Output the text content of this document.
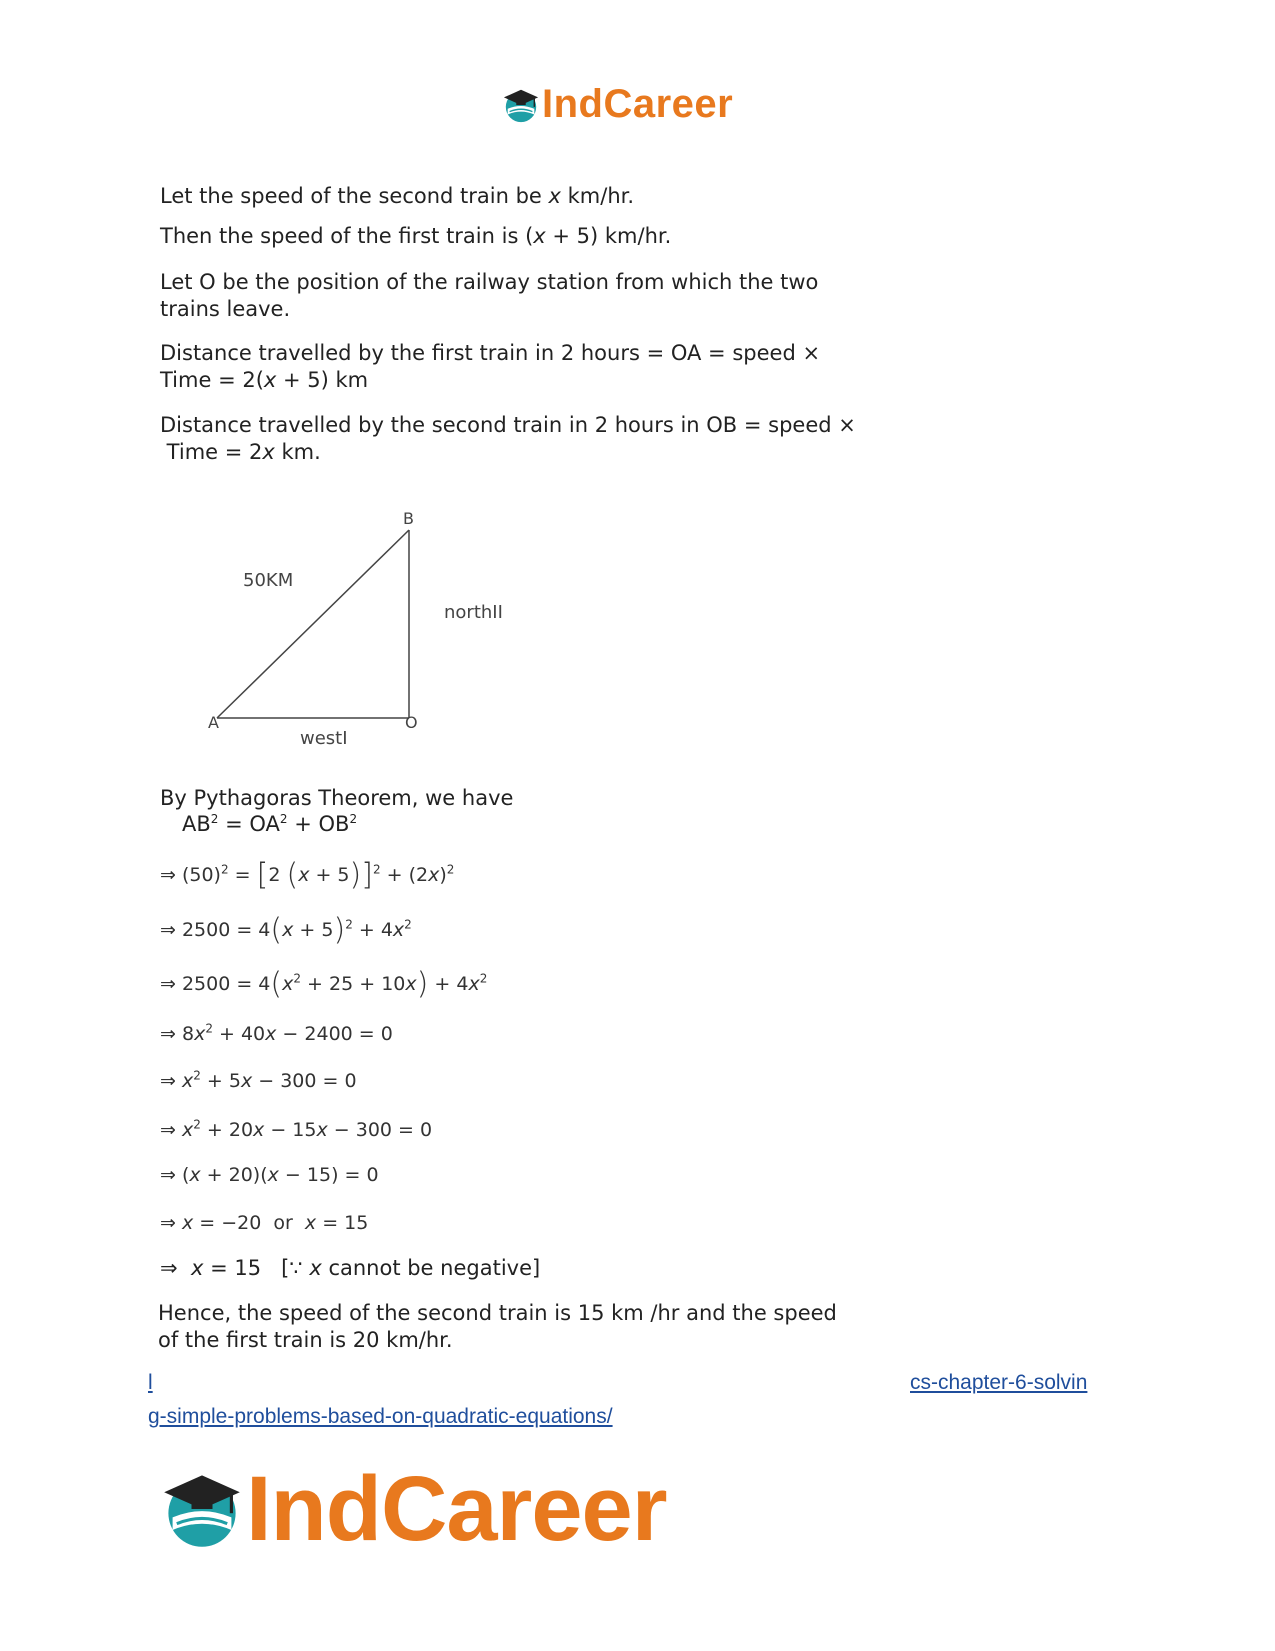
IndCareer
Let the speed of the second train be x km/hr.
Then the speed of the first train is (x + 5) km/hr.
Let O be the position of the railway station from which the two
trains leave.
Distance travelled by the first train in 2 hours = OA = speed ×
Time = 2(x + 5) km
Distance travelled by the second train in 2 hours in OB = speed ×
Time = 2x km.
B
A	O
50KM
northII
westI
By Pythagoras Theorem, we have
$AB^2 = OA^2 + OB^2$
⇒ $(50)^2 = [2$ $(x + 5)]^2 + (2x)^2$
⇒ $2500 = 4(x + 5)^2 + 4x^2$
⇒ $2500 = 4(x^2 + 25 + 10x) + 4x^2$
⇒ $8x^2 + 40x - 2400 = 0$
⇒ $x^2 + 5x - 300 = 0$
⇒ $x^2 + 20x - 15x - 300 = 0$
⇒ (x + 20)(x − 15) = 0
⇒ x = −20  or  x = 15
⇒  x = 15   [∵ x cannot be negative]
Hence, the speed of the second train is 15 km /hr and the speed
of the first train is 20 km/hr.
l	cs-chapter-6-solvin
g-simple-problems-based-on-quadratic-equations/
IndCareer
